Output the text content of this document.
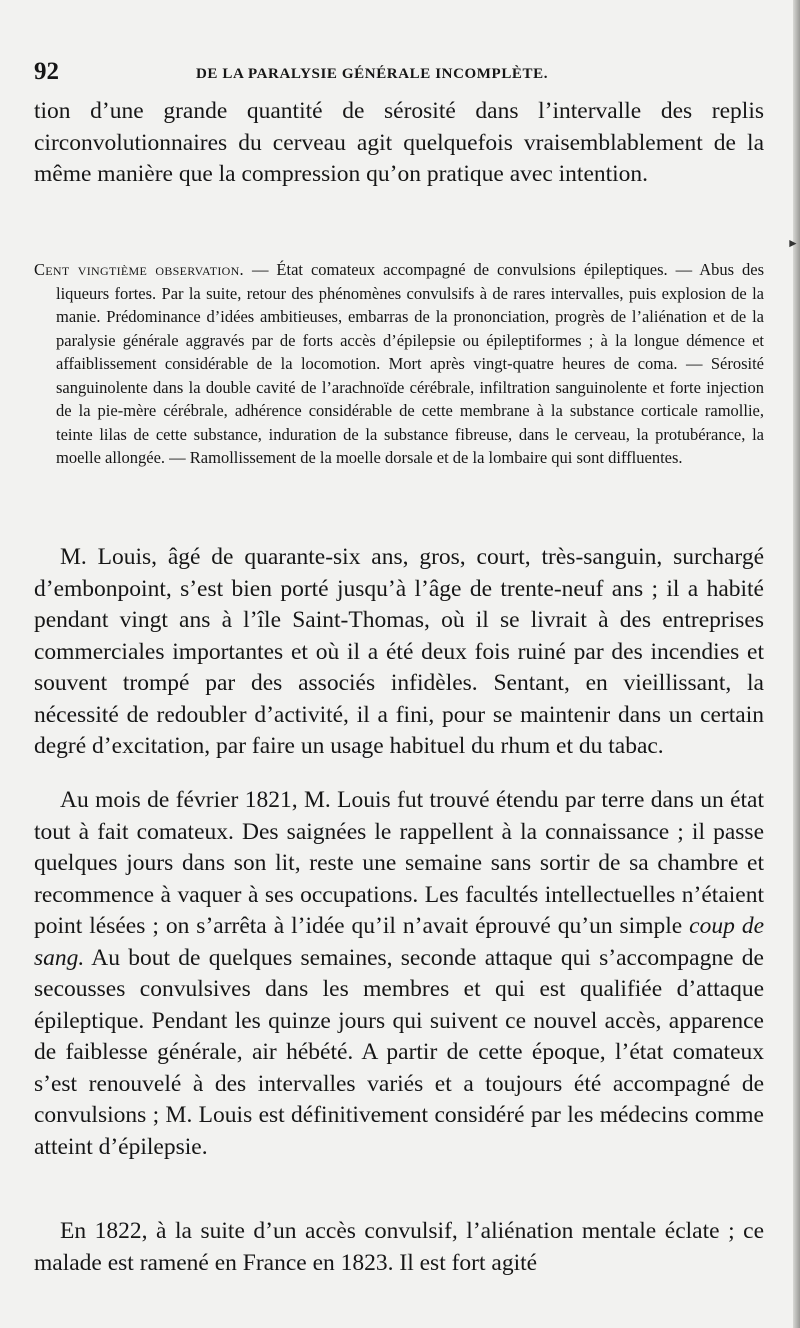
92	DE LA PARALYSIE GÉNÉRALE INCOMPLÈTE.

tion d’une grande quantité de sérosité dans l’intervalle des replis circonvolutionnaires du cerveau agit quelquefois vraisemblablement de la même manière que la compression qu’on pratique avec intention.

Cent vingtième observation. — État comateux accompagné de convulsions épileptiques. — Abus des liqueurs fortes. Par la suite, retour des phénomènes convulsifs à de rares intervalles, puis explosion de la manie. Prédominance d’idées ambitieuses, embarras de la prononciation, progrès de l’aliénation et de la paralysie générale aggravés par de forts accès d’épilepsie ou épileptiformes ; à la longue démence et affaiblissement considérable de la locomotion. Mort après vingt-quatre heures de coma. — Sérosité sanguinolente dans la double cavité de l’arachnoïde cérébrale, infiltration sanguinolente et forte injection de la pie-mère cérébrale, adhérence considérable de cette membrane à la substance corticale ramollie, teinte lilas de cette substance, induration de la substance fibreuse, dans le cerveau, la protubérance, la moelle allongée. — Ramollissement de la moelle dorsale et de la lombaire qui sont diffluentes.

M. Louis, âgé de quarante-six ans, gros, court, très-sanguin, surchargé d’embonpoint, s’est bien porté jusqu’à l’âge de trente-neuf ans ; il a habité pendant vingt ans à l’île Saint-Thomas, où il se livrait à des entreprises commerciales importantes et où il a été deux fois ruiné par des incendies et souvent trompé par des associés infidèles. Sentant, en vieillissant, la nécessité de redoubler d’activité, il a fini, pour se maintenir dans un certain degré d’excitation, par faire un usage habituel du rhum et du tabac.

Au mois de février 1821, M. Louis fut trouvé étendu par terre dans un état tout à fait comateux. Des saignées le rappellent à la connaissance ; il passe quelques jours dans son lit, reste une semaine sans sortir de sa chambre et recommence à vaquer à ses occupations. Les facultés intellectuelles n’étaient point lésées ; on s’arrêta à l’idée qu’il n’avait éprouvé qu’un simple coup de sang. Au bout de quelques semaines, seconde attaque qui s’accompagne de secousses convulsives dans les membres et qui est qualifiée d’attaque épileptique. Pendant les quinze jours qui suivent ce nouvel accès, apparence de faiblesse générale, air hébété. A partir de cette époque, l’état comateux s’est renouvelé à des intervalles variés et a toujours été accompagné de convulsions ; M. Louis est définitivement considéré par les médecins comme atteint d’épilepsie.

En 1822, à la suite d’un accès convulsif, l’aliénation mentale éclate ; ce malade est ramené en France en 1823. Il est fort agité

►
